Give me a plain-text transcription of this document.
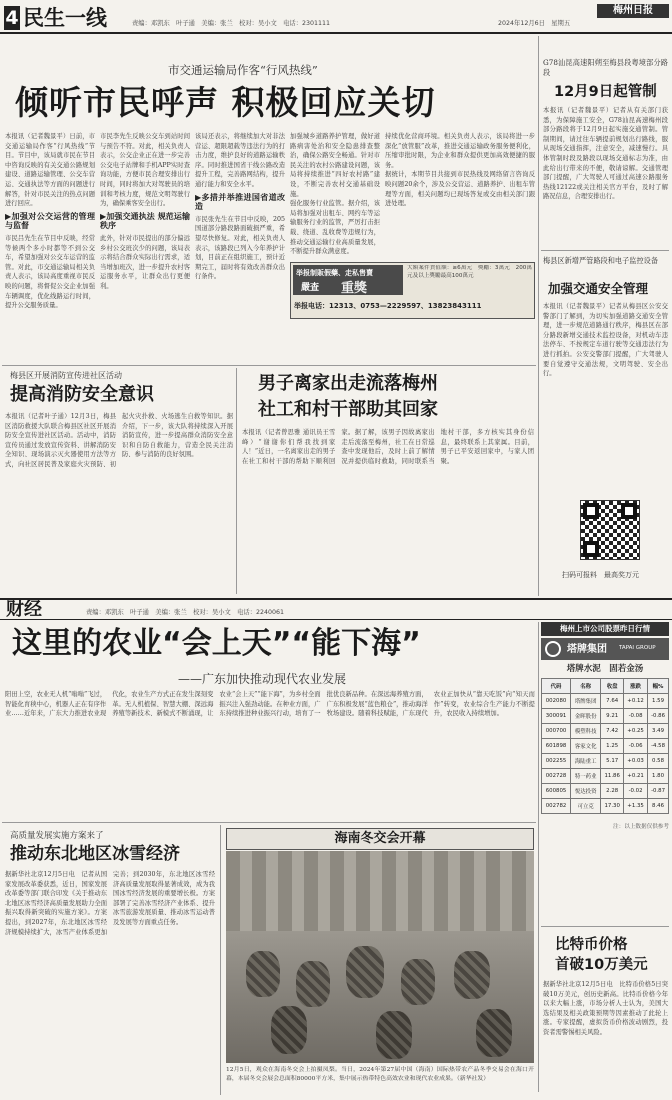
4 民生一线	责编：邓凯东　叶子通　美编：张兰　校对：吴小文　电话：2301111	2024年12月6日　星期五
梅州日报
市交通运输局作客“行风热线”
倾听市民呼声 积极回应关切

本报讯（记者魏景平）日前，市交通运输局作客“行风热线”节目。节目中，该局就市民在节目中咨询反映的有关交通公路规划建设、道路运输管理、公交车营运、交通执法等方面的问题进行解答，针对市民关注的热点问题进行回应。

▶加强对公交运营的管理与监督

市民吕先生在节目中反映，经常等候两个多小时都等不到公交车，希望加强对公交车运营的监管。对此，市交通运输局相关负责人表示，该局高度重视市民反映的问题，将督促公交企业加强车辆调度，优化线路运行时间，提升公交服务质量。

市民李先生反映公交车到站时间与预告不符。对此，相关负责人表示，公交企业正在进一步完善公交电子站牌和手机APP实时查询功能，方便市民合理安排出行时间，同时将加大对驾驶员的培训和考核力度，规范文明驾驶行为，确保乘客安全出行。

▶加强交通执法 规范运输秩序

此外，针对市民提出的部分偏远乡村公交班次少的问题，该局表示将结合群众实际出行需求，适当增加班次，进一步提升农村客运服务水平，让群众出行更便利。

该局还表示，将继续加大对非法营运、超限超载等违法行为的打击力度，维护良好的道路运输秩序。同时推进国省干线公路改造提升工程，完善路网结构，提升通行能力和安全水平。

▶多措并举推进国省道改造

市民张先生在节目中反映，205国道部分路段路面破损严重，希望尽快修复。对此，相关负责人表示，该路段已列入今年养护计划，目前正在组织施工，预计近期完工，届时将有效改善群众出行条件。

加强城乡道路养护管理，做好道路病害处治和安全隐患排查整治，确保公路安全畅通。针对市民关注的农村公路建设问题，该局将持续推进“四好农村路”建设，不断完善农村交通基础设施。

强化服务行业监管。据介绍，该局将加强对出租车、网约车等运输服务行业的监管，严厉打击拒载、绕道、乱收费等违规行为，推动交通运输行业高质量发展，不断提升群众满意度。

持续优化营商环境。相关负责人表示，该局将进一步深化“放管服”改革，推进交通运输政务服务便利化，压缩审批时限，为企业和群众提供更加高效便捷的服务。

据统计，本期节目共接到市民热线及网络留言咨询反映问题20余个，涉及公交营运、道路养护、出租车管理等方面，相关问题均已现场答复或交由相关部门跟进处理。

举报制販假藥、走私售賣
嚴查 重獎
大額案件貨值額：≥6萬元　獎勵：3萬元　200萬元及以上獎勵最高100萬元
举报电话：12313、0753—2229597、13823843111
G78汕昆高速阳朔至梅县段粤境部分路段
12月9日起管制
本报讯（记者魏景平）记者从有关部门获悉，为保障施工安全，G78汕昆高速梅州段部分路段将于12月9日起实施交通管制。管制期间，请过往车辆提前规划出行路线，服从现场交通指挥，注意安全，减速慢行。具体管制时段及路段以现场交通标志为准，由此给出行带来的不便，敬请谅解。交通管理部门提醒，广大驾驶人可通过高速公路服务热线12122或关注相关官方平台，及时了解路况信息，合理安排出行。
梅县区新增严管路段和电子监控设备
加强交通安全管理
本报讯（记者魏景平）记者从梅县区公安交警部门了解到，为切实加强道路交通安全管理，进一步规范道路通行秩序，梅县区在部分路段新增交通技术监控设备，对机动车违法停车、不按规定车道行驶等交通违法行为进行抓拍。公安交警部门提醒，广大驾驶人要自觉遵守交通法规，文明驾驶、安全出行。
扫码可报料　最高奖万元
梅县区开展消防宣传进社区活动
提高消防安全意识
本报讯（记者叶子通）12月3日，梅县区消防救援大队联合梅县区社区开展消防安全宣传进社区活动。活动中，消防宣传员通过发放宣传资料、讲解消防安全知识、现场演示灭火器使用方法等方式，向社区居民普及家庭火灾预防、初起火灾扑救、火场逃生自救等知识。据介绍，下一步，该大队将持续深入开展消防宣传，进一步提高群众消防安全意识和自防自救能力，营造全民关注消防、参与消防的良好氛围。
男子离家出走流落梅州
社工和村干部助其回家
本报讯（记者曾思雅 通讯员王雪峰）“谢谢你们帮我找到家人！”近日，一名离家出走的男子在社工和村干部的帮助下顺利回家。据了解，该男子因故离家出走后流落至梅州，社工在日常巡查中发现他后，及时上前了解情况并提供临时救助，同时联系当地村干部，多方核实其身份信息，最终联系上其家属。目前，男子已平安返回家中，与家人团聚。
财经	责编：邓凯东　叶子通　美编：张兰　校对：吴小文　电话：2240061
这里的农业“会上天”“能下海”
——广东加快推动现代农业发展
阳田上空，农业无人机“嗡嗡”飞过，智能化育秧中心，机器人正在有序作业……近年来，广东大力推进农业现代化，农业生产方式正在发生深刻变革。无人机植保、智慧大棚、深远海养殖等新技术、新模式不断涌现，让农业“会上天”“能下海”，为乡村全面振兴注入强劲动能。在种业方面，广东持续推进种业振兴行动，培育了一批优良新品种。在深远海养殖方面，广东积极发展“蓝色粮仓”，推动海洋牧场建设。随着科技赋能，广东现代农业正加快从“靠天吃饭”向“知天而作”转变，农业综合生产能力不断提升，农民收入持续增加。
梅州上市公司股票昨日行情
塔牌集团 TAPAI GROUP
塔牌水泥　固若金汤
代码	名称	收盘	涨跌	幅%
002080	塔牌集团	7.64	+0.12	1.59
300091	金晖股份	9.21	-0.08	-0.86
000700	模塑科技	7.42	+0.25	3.49
601898	客家文化	1.25	-0.06	-4.58
002255	海陆重工	5.17	+0.03	0.58
002728	特一药业	11.86	+0.21	1.80
600805	悦达投资	2.28	-0.02	-0.87
002782	可立克	17.30	+1.35	8.46
注：以上数据仅供参考
高质量发展实施方案来了
推动东北地区冰雪经济
据新华社北京12月5日电　记者从国家发展改革委获悉，近日，国家发展改革委等部门联合印发《关于推动东北地区冰雪经济高质量发展助力全面振兴取得新突破的实施方案》。方案提出，到2027年，东北地区冰雪经济规模持续扩大，冰雪产业体系更加完善；到2030年，东北地区冰雪经济高质量发展取得显著成效，成为我国冰雪经济发展的重要增长极。方案部署了完善冰雪经济产业体系、提升冰雪旅游发展质量、推动冰雪运动普及发展等方面重点任务。
海南冬交会开幕
12月5日，观众在海南冬交会上拍摄凤梨。当日，2024年第27届中国（海南）国际热带农产品冬季交易会在海口开幕，本届冬交会展会总面积80000平方米，集中展示热带特色高效农业和现代农业成果。（新华社发）
比特币价格
首破10万美元
据新华社北京12月5日电　比特币价格5日突破10万美元，创历史新高。比特币价格今年以来大幅上涨，市场分析人士认为，美国大选结果及相关政策预期等因素推动了此轮上涨。专家提醒，虚拟货币价格波动剧烈，投资者需警惕相关风险。
